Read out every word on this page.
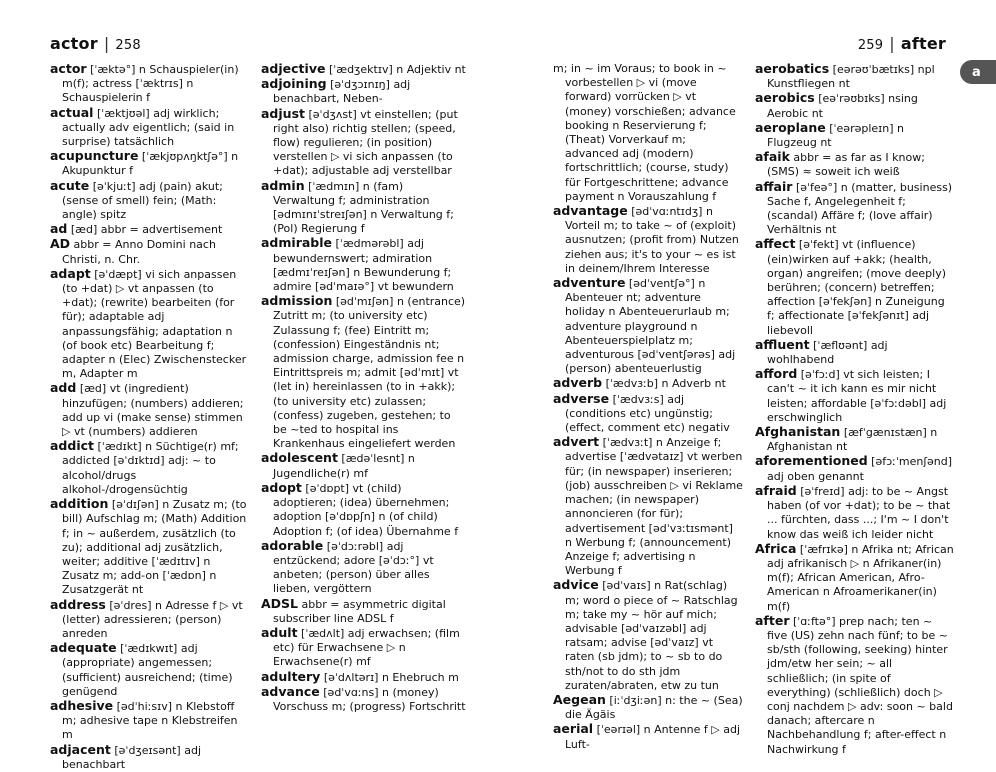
actor | 258	259 | after
a

actor [ˈæktə°] n Schauspieler(in) m(f); actress [ˈæktrɪs] n Schauspielerin f

actual [ˈæktjʊəl] adj wirklich; actually adv eigentlich; (said in surprise) tatsächlich

acupuncture [ˈækjʊpʌŋktʃə°] n Akupunktur f

acute [əˈkjuːt] adj (pain) akut; (sense of smell) fein; (Math: angle) spitz

ad [æd] abbr = advertisement

AD abbr = Anno Domini nach Christi, n. Chr.

adapt [əˈdæpt] vi sich anpassen (to +dat) ▷ vt anpassen (to +dat); (rewrite) bearbeiten (for für); adaptable adj anpassungsfähig; adaptation n (of book etc) Bearbeitung f; adapter n (Elec) Zwischenstecker m, Adapter m

add [æd] vt (ingredient) hinzufügen; (numbers) addieren; add up vi (make sense) stimmen ▷ vt (numbers) addieren

addict [ˈædɪkt] n Süchtige(r) mf; addicted [əˈdɪktɪd] adj: ~ to alcohol/drugs alkohol-/drogensüchtig

addition [əˈdɪʃən] n Zusatz m; (to bill) Aufschlag m; (Math) Addition f; in ~ außerdem, zusätzlich (to zu); additional adj zusätzlich, weiter; additive [ˈædɪtɪv] n Zusatz m; add-on [ˈædɒn] n Zusatzgerät nt

address [əˈdres] n Adresse f ▷ vt (letter) adressieren; (person) anreden

adequate [ˈædɪkwɪt] adj (appropriate) angemessen; (sufficient) ausreichend; (time) genügend

adhesive [ədˈhiːsɪv] n Klebstoff m; adhesive tape n Klebstreifen m

adjacent [əˈdʒeɪsənt] adj benachbart

adjective [ˈædʒektɪv] n Adjektiv nt

adjoining [əˈdʒɔɪnɪŋ] adj benachbart, Neben-

adjust [əˈdʒʌst] vt einstellen; (put right also) richtig stellen; (speed, flow) regulieren; (in position) verstellen ▷ vi sich anpassen (to +dat); adjustable adj verstellbar

admin [ˈædmɪn] n (fam) Verwaltung f; administration [ədmɪnɪˈstreɪʃən] n Verwaltung f; (Pol) Regierung f

admirable [ˈædmərəbl] adj bewundernswert; admiration [ædmɪˈreɪʃən] n Bewunderung f; admire [ədˈmaɪə°] vt bewundern

admission [ədˈmɪʃən] n (entrance) Zutritt m; (to university etc) Zulassung f; (fee) Eintritt m; (confession) Eingeständnis nt; admission charge, admission fee n Eintrittspreis m; admit [ədˈmɪt] vt (let in) hereinlassen (to in +akk); (to university etc) zulassen; (confess) zugeben, gestehen; to be ~ted to hospital ins Krankenhaus eingeliefert werden

adolescent [ædəˈlesnt] n Jugendliche(r) mf

adopt [əˈdɒpt] vt (child) adoptieren; (idea) übernehmen; adoption [əˈdɒpʃn] n (of child) Adoption f; (of idea) Übernahme f

adorable [əˈdɔːrəbl] adj entzückend; adore [əˈdɔː°] vt anbeten; (person) über alles lieben, vergöttern

ADSL abbr = asymmetric digital subscriber line ADSL f

adult [ˈædʌlt] adj erwachsen; (film etc) für Erwachsene ▷ n Erwachsene(r) mf

adultery [əˈdʌltərɪ] n Ehebruch m

advance [ədˈvɑːns] n (money) Vorschuss m; (progress) Fortschritt

m; in ~ im Voraus; to book in ~ vorbestellen ▷ vi (move forward) vorrücken ▷ vt (money) vorschießen; advance booking n Reservierung f; (Theat) Vorverkauf m; advanced adj (modern) fortschrittlich; (course, study) für Fortgeschrittene; advance payment n Vorauszahlung f

advantage [ədˈvɑːntɪdʒ] n Vorteil m; to take ~ of (exploit) ausnutzen; (profit from) Nutzen ziehen aus; it's to your ~ es ist in deinem/Ihrem Interesse

adventure [ədˈventʃə°] n Abenteuer nt; adventure holiday n Abenteuerurlaub m; adventure playground n Abenteuerspielplatz m; adventurous [ədˈventʃərəs] adj (person) abenteuerlustig

adverb [ˈædvɜːb] n Adverb nt

adverse [ˈædvɜːs] adj (conditions etc) ungünstig; (effect, comment etc) negativ

advert [ˈædvɜːt] n Anzeige f; advertise [ˈædvətaɪz] vt werben für; (in newspaper) inserieren; (job) ausschreiben ▷ vi Reklame machen; (in newspaper) annoncieren (for für); advertisement [ədˈvɜːtɪsmənt] n Werbung f; (announcement) Anzeige f; advertising n Werbung f

advice [ədˈvaɪs] n Rat(schlag) m; word o piece of ~ Ratschlag m; take my ~ hör auf mich; advisable [ədˈvaɪzəbl] adj ratsam; advise [ədˈvaɪz] vt raten (sb jdm); to ~ sb to do sth/not to do sth jdm zuraten/abraten, etw zu tun

Aegean [iːˈdʒiːən] n: the ~ (Sea) die Ägäis

aerial [ˈeərɪəl] n Antenne f ▷ adj Luft-

aerobatics [eərəʊˈbætɪks] npl Kunstfliegen nt

aerobics [eəˈrəʊbɪks] nsing Aerobic nt

aeroplane [ˈeərəpleɪn] n Flugzeug nt

afaik abbr = as far as I know; (SMS) ≈ soweit ich weiß

affair [əˈfeə°] n (matter, business) Sache f, Angelegenheit f; (scandal) Affäre f; (love affair) Verhältnis nt

affect [əˈfekt] vt (influence) (ein)wirken auf +akk; (health, organ) angreifen; (move deeply) berühren; (concern) betreffen; affection [əˈfekʃən] n Zuneigung f; affectionate [əˈfekʃənɪt] adj liebevoll

affluent [ˈæflʊənt] adj wohlhabend

afford [əˈfɔːd] vt sich leisten; I can't ~ it ich kann es mir nicht leisten; affordable [əˈfɔːdəbl] adj erschwinglich

Afghanistan [æfˈgænɪstæn] n Afghanistan nt

aforementioned [əfɔːˈmenʃənd] adj oben genannt

afraid [əˈfreɪd] adj: to be ~ Angst haben (of vor +dat); to be ~ that ... fürchten, dass ...; I'm ~ I don't know das weiß ich leider nicht

Africa [ˈæfrɪkə] n Afrika nt; African adj afrikanisch ▷ n Afrikaner(in) m(f); African American, Afro-American n Afroamerikaner(in) m(f)

after [ˈɑːftə°] prep nach; ten ~ five (US) zehn nach fünf; to be ~ sb/sth (following, seeking) hinter jdm/etw her sein; ~ all schließlich; (in spite of everything) (schließlich) doch ▷ conj nachdem ▷ adv: soon ~ bald danach; aftercare n Nachbehandlung f; after-effect n Nachwirkung f
